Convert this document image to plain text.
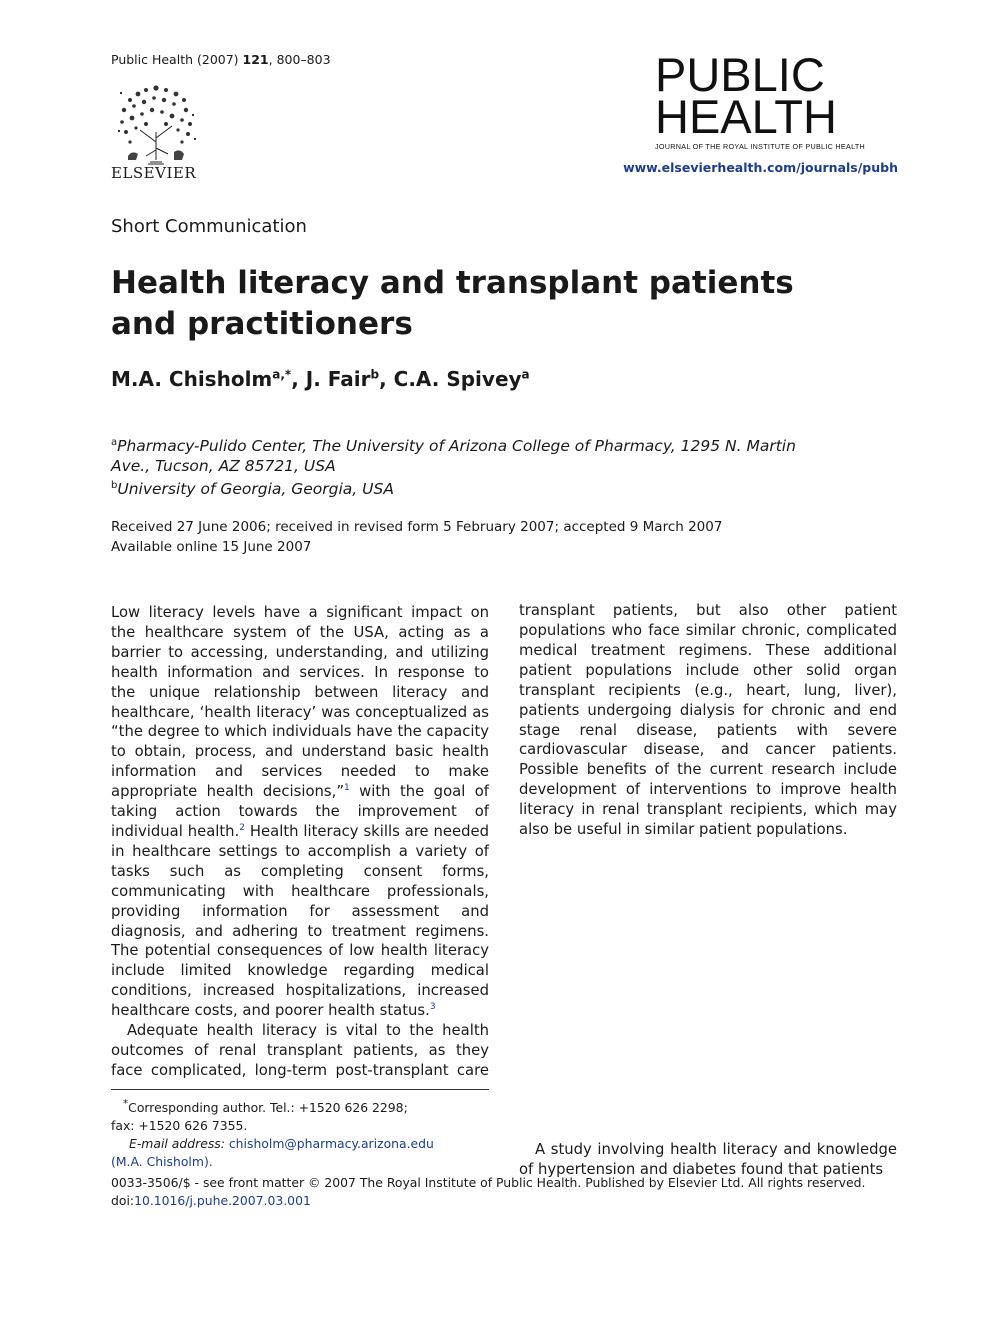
Public Health (2007) 121, 800–803
ELSEVIER
PUBLIC
HEALTH
JOURNAL OF THE ROYAL INSTITUTE OF PUBLIC HEALTH
www.elsevierhealth.com/journals/pubh
Short Communication
Health literacy and transplant patients and practitioners
M.A. Chisholm$^{a,*}$, J. Fair$^b$, C.A. Spivey$^a$
$^a$Pharmacy-Pulido Center, The University of Arizona College of Pharmacy, 1295 N. Martin Ave., Tucson, AZ 85721, USA
$^b$University of Georgia, Georgia, USA
Received 27 June 2006; received in revised form 5 February 2007; accepted 9 March 2007
Available online 15 June 2007

Low literacy levels have a significant impact on the healthcare system of the USA, acting as a barrier to accessing, understanding, and utilizing health information and services. In response to the unique relationship between literacy and healthcare, ‘health literacy’ was conceptualized as “the degree to which individuals have the capacity to obtain, process, and understand basic health information and services needed to make appropriate health decisions,”$^1$ with the goal of taking action towards the improvement of individual health.$^2$ Health literacy skills are needed in healthcare settings to accomplish a variety of tasks such as completing consent forms, communicating with healthcare professionals, providing information for assessment and diagnosis, and adhering to treatment regimens. The potential consequences of low health literacy include limited knowledge regarding medical conditions, increased hospitalizations, increased healthcare costs, and poorer health status.$^3$

Adequate health literacy is vital to the health outcomes of renal transplant patients, as they face complicated, long-term post-transplant care

transplant patients, but also other patient populations who face similar chronic, complicated medical treatment regimens. These additional patient populations include other solid organ transplant recipients (e.g., heart, lung, liver), patients undergoing dialysis for chronic and end stage renal disease, patients with severe cardiovascular disease, and cancer patients. Possible benefits of the current research include development of interventions to improve health literacy in renal transplant recipients, which may also be useful in similar patient populations.

A study involving health literacy and knowledge of hypertension and diabetes found that patients

*Corresponding author. Tel.: +1520 626 2298;
fax: +1520 626 7355.
E-mail address: chisholm@pharmacy.arizona.edu
(M.A. Chisholm).
0033-3506/$ - see front matter © 2007 The Royal Institute of Public Health. Published by Elsevier Ltd. All rights reserved.
doi:10.1016/j.puhe.2007.03.001
